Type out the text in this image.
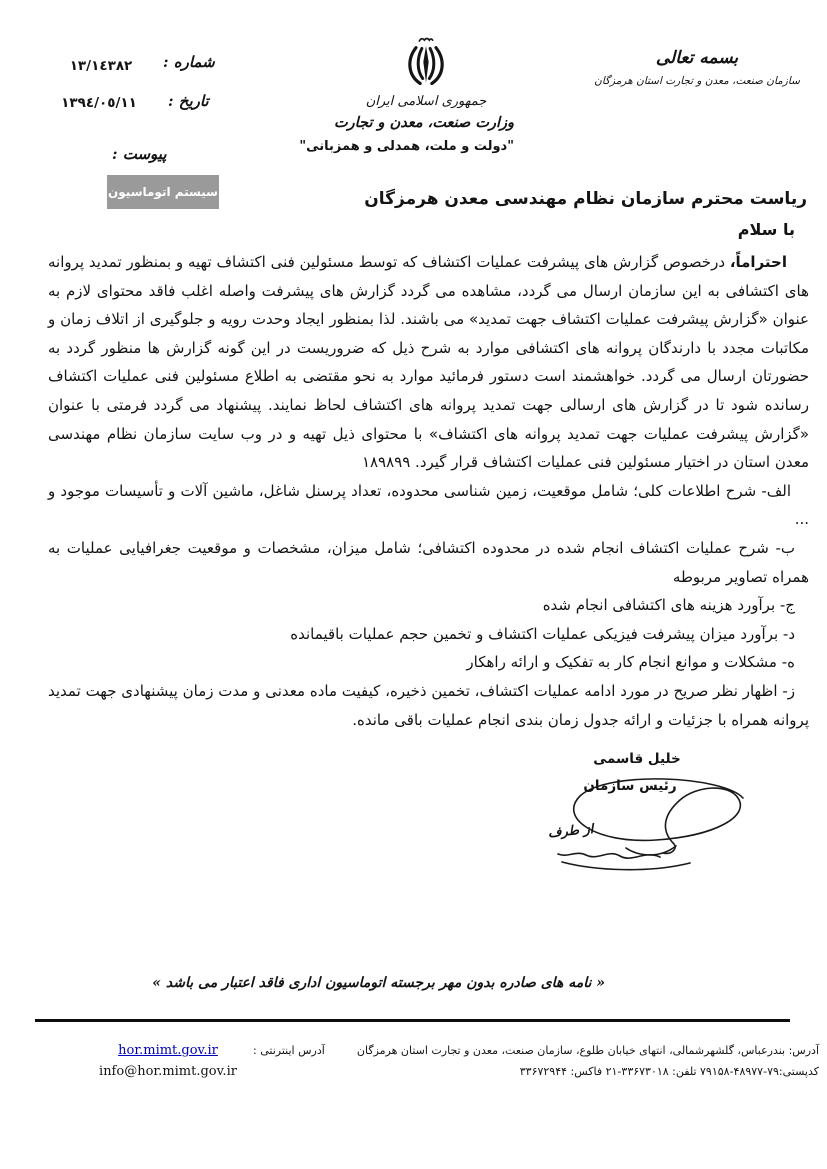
بسمه تعالی
سازمان صنعت، معدن و تجارت استان هرمزگان
جمهوری اسلامی ایران
وزارت صنعت، معدن و تجارت
"دولت و ملت، همدلی و همزبانی"
شماره :
١٣/١٤٣٨٢
تاریخ :
١٣٩٤/٠٥/١١
پیوست :
سیستم اتوماسیون	ریاست محترم سازمان نظام مهندسی معدن هرمزگان
با سلام

احتراماً، درخصوص گزارش های پیشرفت عملیات اکتشاف که توسط مسئولین فنی اکتشاف تهیه و بمنظور تمدید پروانه های اکتشافی به این سازمان ارسال می گردد، مشاهده می گردد گزارش های پیشرفت واصله اغلب فاقد محتوای لازم به عنوان «گزارش پیشرفت عملیات اکتشاف جهت تمدید» می باشند. لذا بمنظور ایجاد وحدت رویه و جلوگیری از اتلاف زمان و مکاتبات مجدد با دارندگان پروانه های اکتشافی موارد به شرح ذیل که ضروریست در این گونه گزارش ها منظور گردد به حضورتان ارسال می گردد. خواهشمند است دستور فرمائید موارد به نحو مقتضی به اطلاع مسئولین فنی عملیات اکتشاف رسانده شود تا در گزارش های ارسالی جهت تمدید پروانه های اکتشاف لحاظ نمایند. پیشنهاد می گردد فرمتی با عنوان «گزارش پیشرفت عملیات جهت تمدید پروانه های اکتشاف» با محتوای ذیل تهیه و در وب سایت سازمان نظام مهندسی معدن استان در اختیار مسئولین فنی عملیات اکتشاف قرار گیرد. ١٨٩٨٩٩

الف- شرح اطلاعات کلی؛ شامل موقعیت، زمین شناسی محدوده، تعداد پرسنل شاغل، ماشین آلات و تأسیسات موجود و ...
ب- شرح عملیات اکتشاف انجام شده در محدوده اکتشافی؛ شامل میزان، مشخصات و موقعیت جغرافیایی عملیات به همراه تصاویر مربوطه
ج- برآورد هزینه های اکتشافی انجام شده
د- برآورد میزان پیشرفت فیزیکی عملیات اکتشاف و تخمین حجم عملیات باقیمانده
ه- مشکلات و موانع انجام کار به تفکیک و ارائه راهکار
ز- اظهار نظر صریح در مورد ادامه عملیات اکتشاف، تخمین ذخیره، کیفیت ماده معدنی و مدت زمان پیشنهادی جهت تمدید پروانه همراه با جزئیات و ارائه جدول زمان بندی انجام عملیات باقی مانده.
خلیل قاسمی
رئیس سازمان
از طرف
« نامه های صادره بدون مهر برجسته اتوماسیون اداری فاقد اعتبار می باشد »
آدرس: بندرعباس، گلشهرشمالی، انتهای خیابان طلوع، سازمان صنعت، معدن و تجارت استان هرمزگان
کدپستی:۷۹-۴۸۹۷۷-۷۹۱۵۸ تلفن: ۳۳۶۷۳۰۱۸-۲۱ فاکس: ۳۳۶۷۲۹۴۴
آدرس اینترنتی :
hor.mimt.gov.ir
info@hor.mimt.gov.ir
